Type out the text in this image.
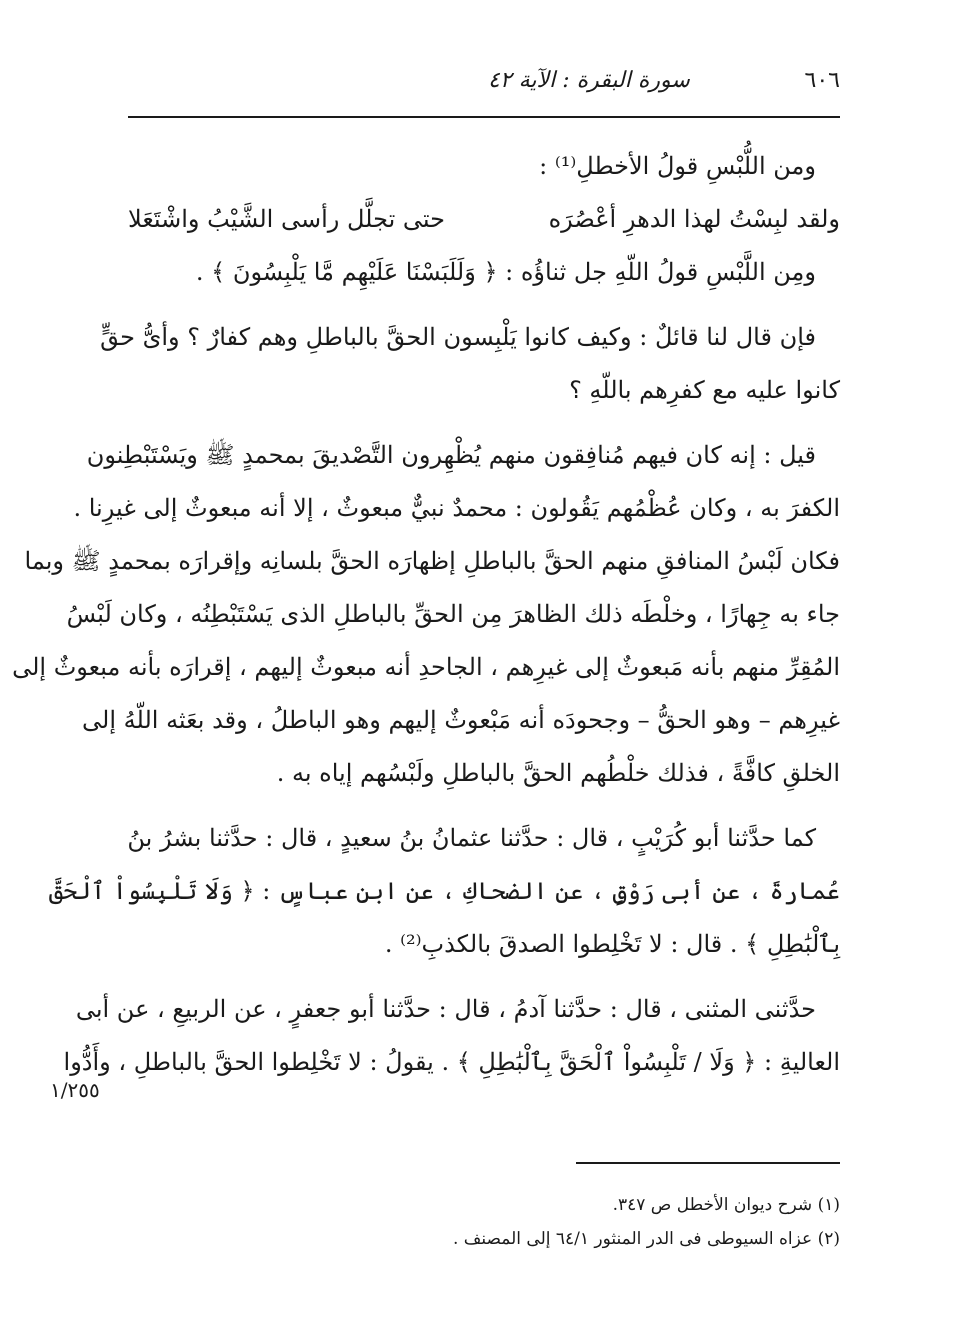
٦٠٦
سورة البقرة : الآية ٤٢
ومن اللُّبْسِ قولُ الأخطلِ⁽¹⁾ :
ولقد لبِسْتُ لهذا الدهرِ أعْصُرَه
حتى تجلَّل رأسى الشَّيْبُ واشْتَعَلا
ومِن اللَّبْسِ قولُ اللّهِ جل ثناؤُه : ﴿ وَلَلَبَسْنَا عَلَيْهِم مَّا يَلْبِسُونَ ﴾ .
فإن قال لنا قائلٌ : وكيف كانوا يَلْبِسون الحقَّ بالباطلِ وهم كفارٌ ؟ وأىُّ حقٍّ
كانوا عليه مع كفرِهم باللّهِ ؟
قيل : إنه كان فيهم مُنافِقون منهم يُظْهِرون التَّصْديقَ بمحمدٍ ﷺ ويَسْتَبْطِنون
الكفرَ به ، وكان عُظْمُهم يَقُولون : محمدٌ نبيٌّ مبعوثٌ ، إلا أنه مبعوثٌ إلى غيرِنا .
فكان لَبْسُ المنافقِ منهم الحقَّ بالباطلِ إظهارَه الحقَّ بلسانِه وإقرارَه بمحمدٍ ﷺ وبما
جاء به جِهارًا ، وخلْطَه ذلك الظاهرَ مِن الحقِّ بالباطلِ الذى يَسْتَبْطِنُه ، وكان لَبْسُ
المُقِرِّ منهم بأنه مَبعوثٌ إلى غيرِهم ، الجاحدِ أنه مبعوثٌ إليهم ، إقرارَه بأنه مبعوثٌ إلى
غيرِهم – وهو الحقُّ – وجحودَه أنه مَبْعوثٌ إليهم وهو الباطلُ ، وقد بعَثه اللّهُ إلى
الخلقِ كافَّةً ، فذلك خلْطُهم الحقَّ بالباطلِ ولَبْسُهم إياه به .
كما حدَّثنا أبو كُرَيْبٍ ، قال : حدَّثنا عثمانُ بنُ سعيدٍ ، قال : حدَّثنا بشرُ بنُ
عُمارةَ ، عن أبى رَوْقٍ ، عن الضحاكِ ، عن ابنِ عباسٍ : ﴿ وَلَا تَلْبِسُواْ ٱلْحَقَّ
بِٱلْبَٰطِلِ ﴾ . قال : لا تَخْلِطوا الصدقَ بالكذبِ⁽²⁾ .
حدَّثنى المثنى ، قال : حدَّثنا آدمُ ، قال : حدَّثنا أبو جعفرٍ ، عن الربيعِ ، عن أبى
العاليةِ : ﴿ وَلَا / تَلْبِسُواْ ٱلْحَقَّ بِٱلْبَٰطِلِ ﴾ . يقولُ : لا تَخْلِطوا الحقَّ بالباطلِ ، وأَدُّوا
١/٢٥٥
(١) شرح ديوان الأخطل ص ٣٤٧.
(٢) عزاه السيوطى فى الدر المنثور ٦٤/١ إلى المصنف .
